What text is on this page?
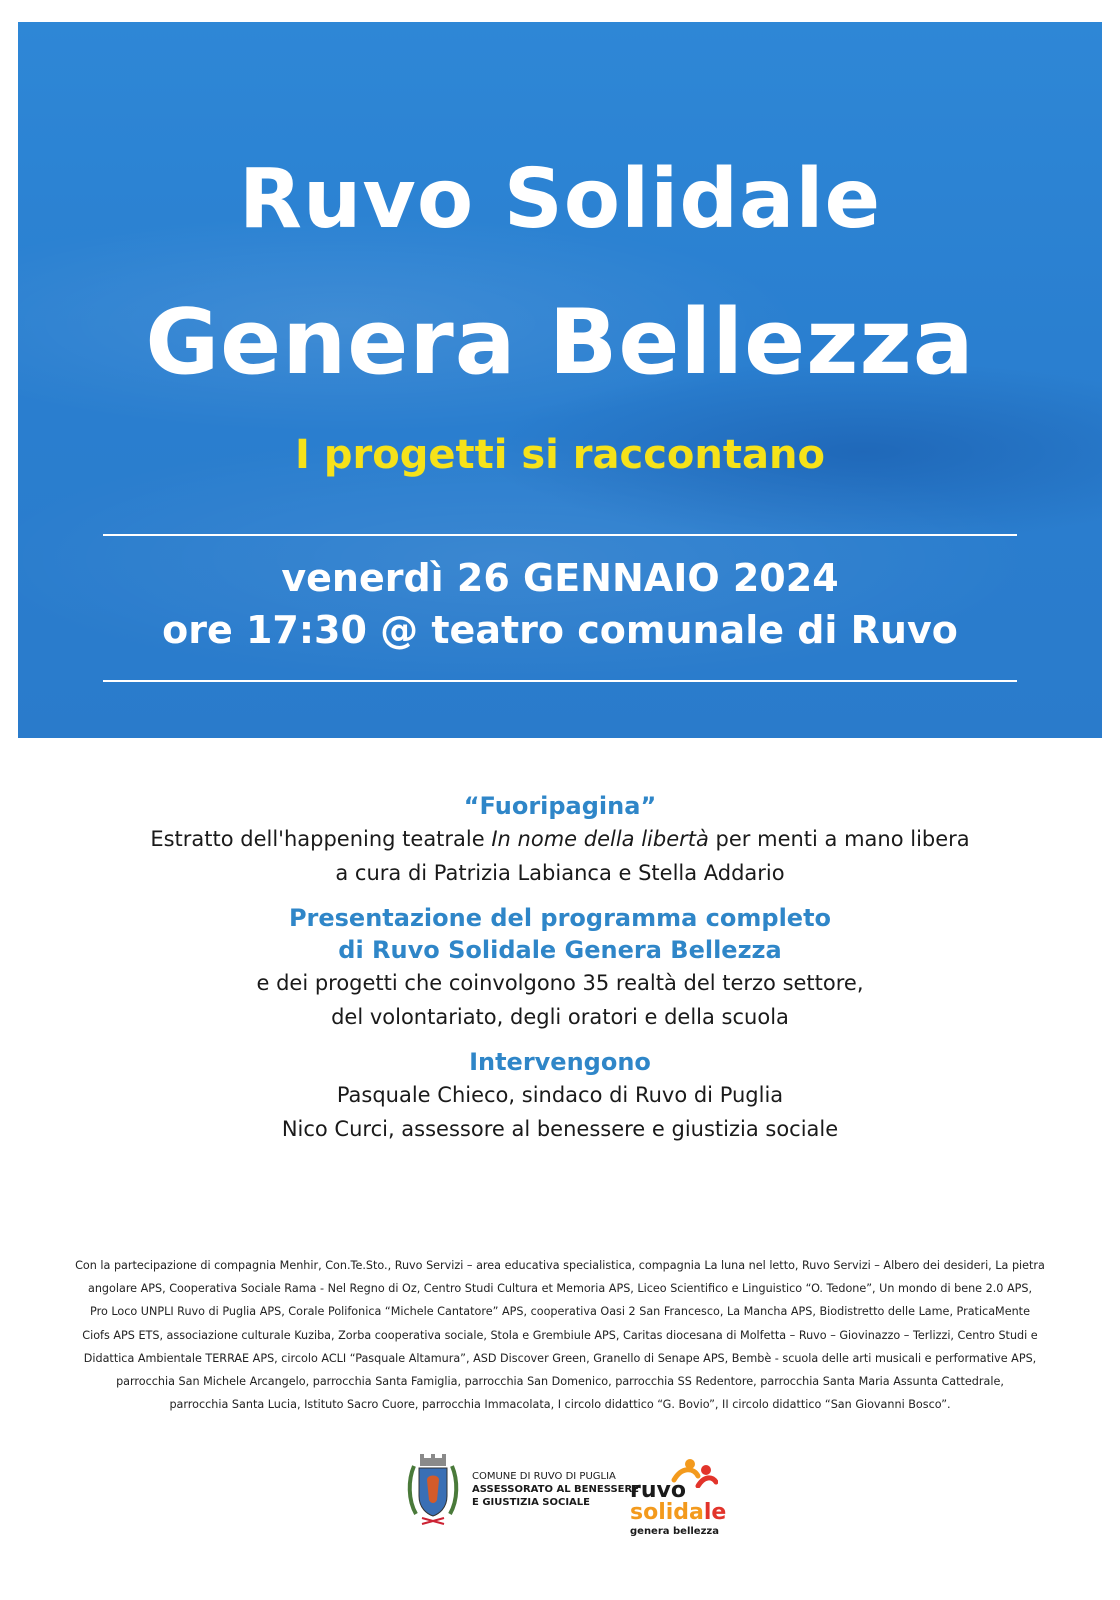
Ruvo Solidale
Genera Bellezza
I progetti si raccontano
venerdì 26 GENNAIO 2024
ore 17:30 @ teatro comunale di Ruvo
“Fuoripagina”
Estratto dell'happening teatrale In nome della libertà per menti a mano libera
a cura di Patrizia Labianca e Stella Addario
Presentazione del programma completo
di Ruvo Solidale Genera Bellezza
e dei progetti che coinvolgono 35 realtà del terzo settore,
del volontariato, degli oratori e della scuola
Intervengono
Pasquale Chieco, sindaco di Ruvo di Puglia
Nico Curci, assessore al benessere e giustizia sociale
Con la partecipazione di compagnia Menhir, Con.Te.Sto., Ruvo Servizi – area educativa specialistica, compagnia La luna nel letto, Ruvo Servizi – Albero dei desideri, La pietra
angolare APS, Cooperativa Sociale Rama - Nel Regno di Oz, Centro Studi Cultura et Memoria APS, Liceo Scientifico e Linguistico “O. Tedone”, Un mondo di bene 2.0 APS,
Pro Loco UNPLI Ruvo di Puglia APS, Corale Polifonica “Michele Cantatore” APS, cooperativa Oasi 2 San Francesco, La Mancha APS, Biodistretto delle Lame, PraticaMente
Ciofs APS ETS, associazione culturale Kuziba, Zorba cooperativa sociale, Stola e Grembiule APS, Caritas diocesana di Molfetta – Ruvo – Giovinazzo – Terlizzi, Centro Studi e
Didattica Ambientale TERRAE APS, circolo ACLI “Pasquale Altamura”, ASD Discover Green, Granello di Senape APS, Bembè - scuola delle arti musicali e performative APS,
parrocchia San Michele Arcangelo, parrocchia Santa Famiglia, parrocchia San Domenico, parrocchia SS Redentore, parrocchia Santa Maria Assunta Cattedrale,
parrocchia Santa Lucia, Istituto Sacro Cuore, parrocchia Immacolata, I circolo didattico “G. Bovio”, II circolo didattico “San Giovanni Bosco”.
COMUNE DI RUVO DI PUGLIA
ASSESSORATO AL BENESSERE
E GIUSTIZIA SOCIALE	ruvo
solidale
genera bellezza
